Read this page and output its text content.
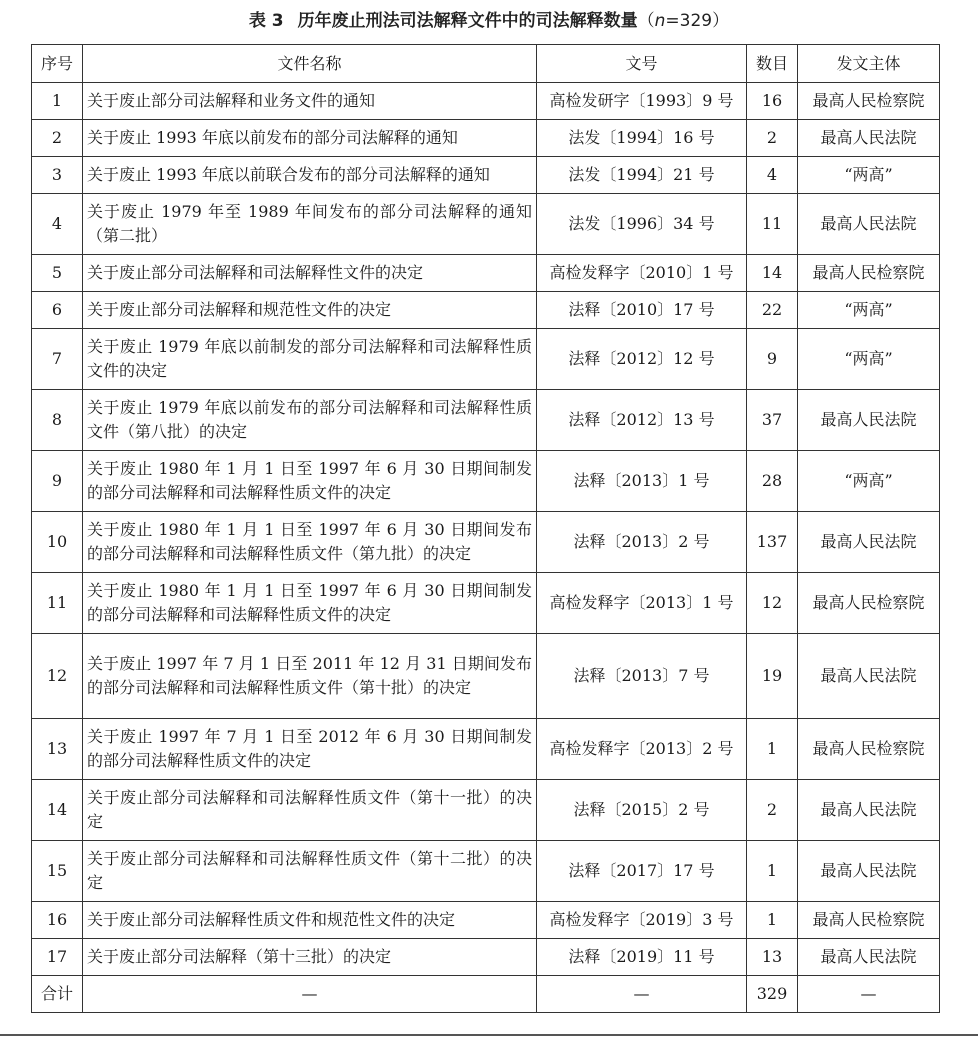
表 3 历年废止刑法司法解释文件中的司法解释数量（n=329）
序号	文件名称	文号	数目	发文主体
1	关于废止部分司法解释和业务文件的通知	高检发研字〔1993〕9 号	16	最高人民检察院
2	关于废止 1993 年底以前发布的部分司法解释的通知	法发〔1994〕16 号	2	最高人民法院
3	关于废止 1993 年底以前联合发布的部分司法解释的通知	法发〔1994〕21 号	4	“两高”
4	关于废止 1979 年至 1989 年间发布的部分司法解释的通知（第二批）	法发〔1996〕34 号	11	最高人民法院
5	关于废止部分司法解释和司法解释性文件的决定	高检发释字〔2010〕1 号	14	最高人民检察院
6	关于废止部分司法解释和规范性文件的决定	法释〔2010〕17 号	22	“两高”
7	关于废止 1979 年底以前制发的部分司法解释和司法解释性质文件的决定	法释〔2012〕12 号	9	“两高”
8	关于废止 1979 年底以前发布的部分司法解释和司法解释性质文件（第八批）的决定	法释〔2012〕13 号	37	最高人民法院
9	关于废止 1980 年 1 月 1 日至 1997 年 6 月 30 日期间制发的部分司法解释和司法解释性质文件的决定	法释〔2013〕1 号	28	“两高”
10	关于废止 1980 年 1 月 1 日至 1997 年 6 月 30 日期间发布的部分司法解释和司法解释性质文件（第九批）的决定	法释〔2013〕2 号	137	最高人民法院
11	关于废止 1980 年 1 月 1 日至 1997 年 6 月 30 日期间制发的部分司法解释和司法解释性质文件的决定	高检发释字〔2013〕1 号	12	最高人民检察院
12	关于废止 1997 年 7 月 1 日至 2011 年 12 月 31 日期间发布的部分司法解释和司法解释性质文件（第十批）的决定	法释〔2013〕7 号	19	最高人民法院
13	关于废止 1997 年 7 月 1 日至 2012 年 6 月 30 日期间制发的部分司法解释性质文件的决定	高检发释字〔2013〕2 号	1	最高人民检察院
14	关于废止部分司法解释和司法解释性质文件（第十一批）的决定	法释〔2015〕2 号	2	最高人民法院
15	关于废止部分司法解释和司法解释性质文件（第十二批）的决定	法释〔2017〕17 号	1	最高人民法院
16	关于废止部分司法解释性质文件和规范性文件的决定	高检发释字〔2019〕3 号	1	最高人民检察院
17	关于废止部分司法解释（第十三批）的决定	法释〔2019〕11 号	13	最高人民法院
合计	—	—	329	—
